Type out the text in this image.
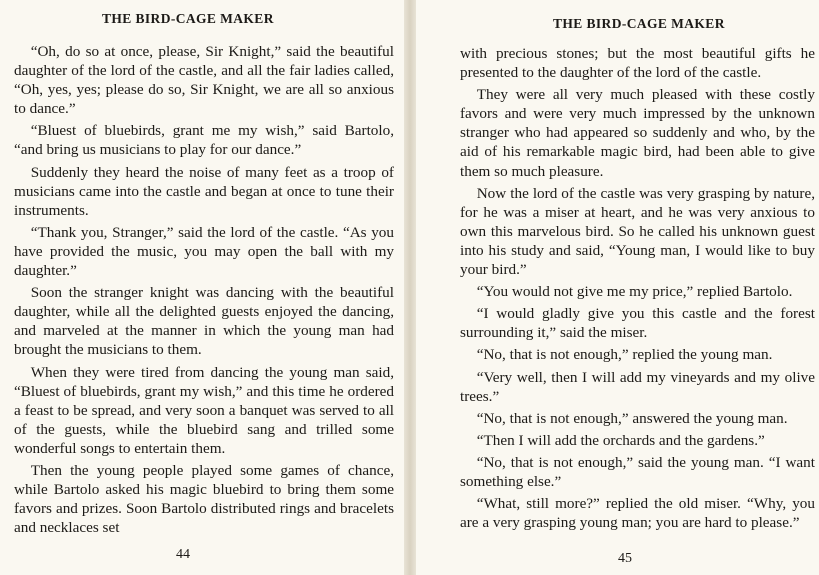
THE BIRD-CAGE MAKER

“Oh, do so at once, please, Sir Knight,” said the beautiful daughter of the lord of the castle, and all the fair ladies called, “Oh, yes, yes; please do so, Sir Knight, we are all so anxious to dance.”

“Bluest of bluebirds, grant me my wish,” said Bartolo, “and bring us musicians to play for our dance.”

Suddenly they heard the noise of many feet as a troop of musicians came into the castle and began at once to tune their instruments.

“Thank you, Stranger,” said the lord of the castle. “As you have provided the music, you may open the ball with my daughter.”

Soon the stranger knight was dancing with the beautiful daughter, while all the delighted guests enjoyed the dancing, and marveled at the manner in which the young man had brought the musicians to them.

When they were tired from dancing the young man said, “Bluest of bluebirds, grant my wish,” and this time he ordered a feast to be spread, and very soon a banquet was served to all of the guests, while the bluebird sang and trilled some wonderful songs to entertain them.

Then the young people played some games of chance, while Bartolo asked his magic bluebird to bring them some favors and prizes. Soon Bartolo distributed rings and bracelets and necklaces set

44
THE BIRD-CAGE MAKER

with precious stones; but the most beautiful gifts he presented to the daughter of the lord of the castle.

They were all very much pleased with these costly favors and were very much impressed by the unknown stranger who had appeared so suddenly and who, by the aid of his remarkable magic bird, had been able to give them so much pleasure.

Now the lord of the castle was very grasping by nature, for he was a miser at heart, and he was very anxious to own this marvelous bird. So he called his unknown guest into his study and said, “Young man, I would like to buy your bird.”

“You would not give me my price,” replied Bartolo.

“I would gladly give you this castle and the forest surrounding it,” said the miser.

“No, that is not enough,” replied the young man.

“Very well, then I will add my vineyards and my olive trees.”

“No, that is not enough,” answered the young man.

“Then I will add the orchards and the gardens.”

“No, that is not enough,” said the young man. “I want something else.”

“What, still more?” replied the old miser. “Why, you are a very grasping young man; you are hard to please.”

45
